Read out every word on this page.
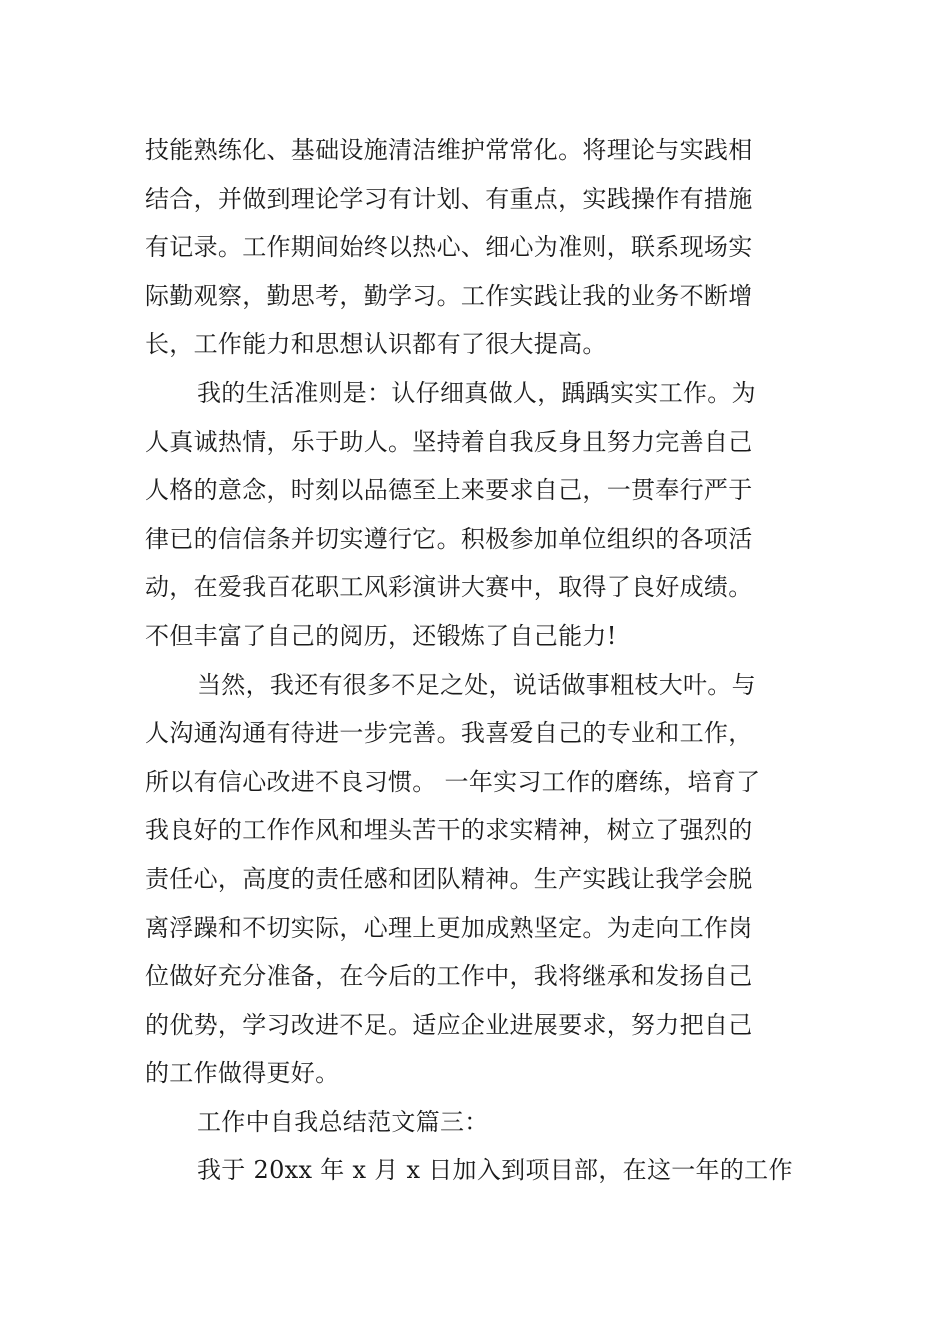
技能熟练化、基础设施清洁维护常常化。将理论与实践相
结合，并做到理论学习有计划、有重点，实践操作有措施
有记录。工作期间始终以热心、细心为准则，联系现场实
际勤观察，勤思考，勤学习。工作实践让我的业务不断增
长，工作能力和思想认识都有了很大提高。
我的生活准则是：认仔细真做人，踽踽实实工作。为
人真诚热情，乐于助人。坚持着自我反身且努力完善自己
人格的意念，时刻以品德至上来要求自己，一贯奉行严于
律已的信信条并切实遵行它。积极参加单位组织的各项活
动，在爱我百花职工风彩演讲大赛中，取得了良好成绩。
不但丰富了自己的阅历，还锻炼了自己能力!
当然，我还有很多不足之处，说话做事粗枝大叶。与
人沟通沟通有待进一步完善。我喜爱自己的专业和工作，
所以有信心改进不良习惯。 一年实习工作的磨练，培育了
我良好的工作作风和埋头苦干的求实精神，树立了强烈的
责任心，高度的责任感和团队精神。生产实践让我学会脱
离浮躁和不切实际，心理上更加成熟坚定。为走向工作岗
位做好充分准备，在今后的工作中，我将继承和发扬自己
的优势，学习改进不足。适应企业进展要求，努力把自己
的工作做得更好。
工作中自我总结范文篇三：
我于 20xx 年 x 月 x 日加入到项目部，在这一年的工作
